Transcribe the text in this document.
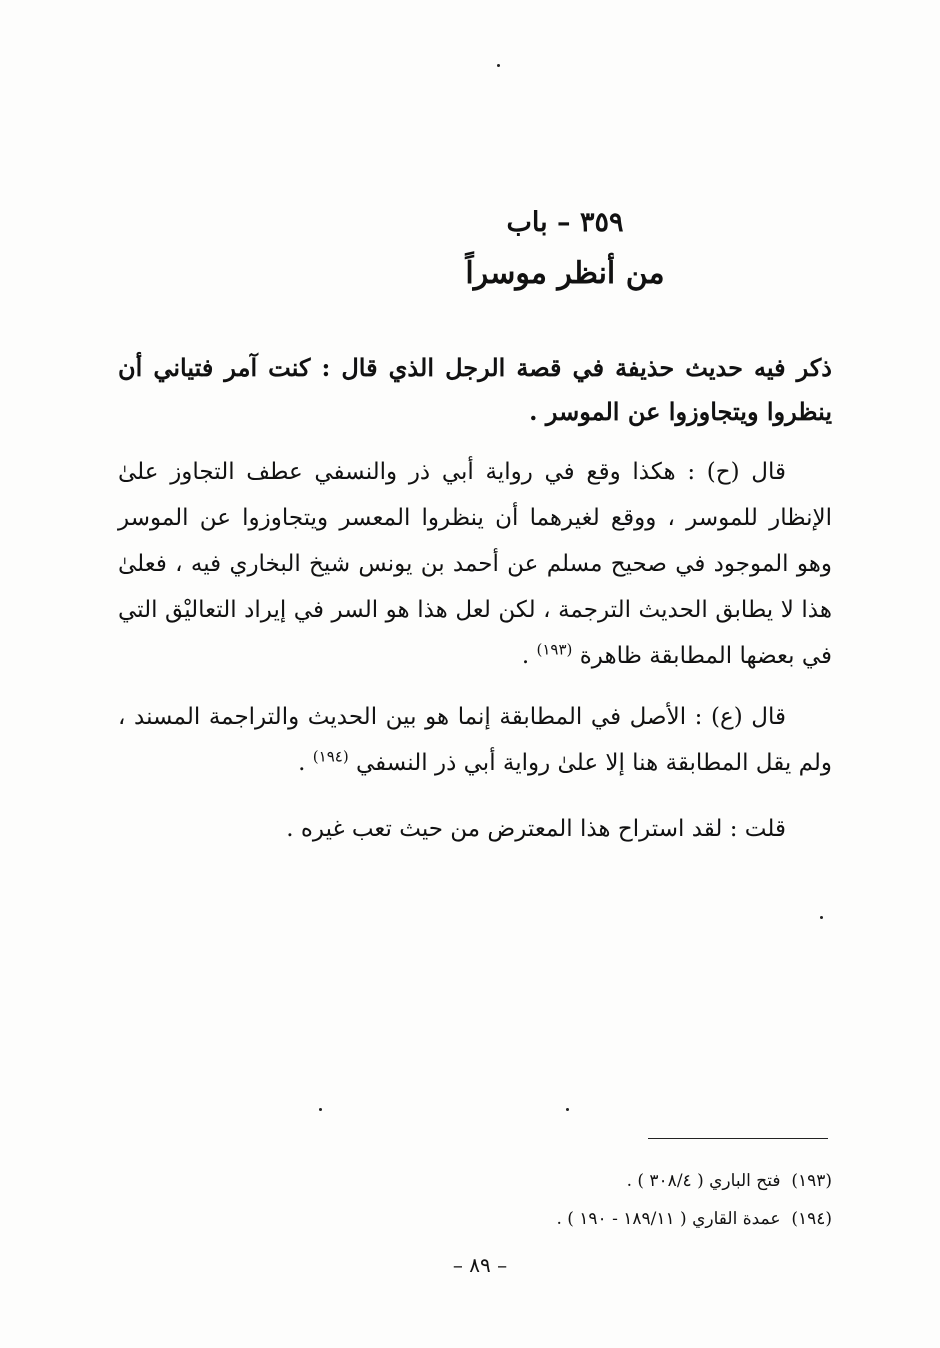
٣٥٩ – باب
من أنظر موسراً
ذكر فيه حديث حذيفة في قصة الرجل الذي قال : كنت آمر فتياني أن ينظروا ويتجاوزوا عن الموسر .
قال (ح) : هكذا وقع في رواية أبي ذر والنسفي عطف التجاوز علىٰ الإنظار للموسر ، ووقع لغيرهما أن ينظروا المعسر ويتجاوزوا عن الموسر وهو الموجود في صحيح مسلم عن أحمد بن يونس شيخ البخاري فيه ، فعلىٰ هذا لا يطابق الحديث الترجمة ، لكن لعل هذا هو السر في إيراد التعاليْق التي في بعضها المطابقة ظاهرة $^{(١٩٣)}$ .
قال (ع) : الأصل في المطابقة إنما هو بين الحديث والتراجمة المسند ، ولم يقل المطابقة هنا إلا علىٰ رواية أبي ذر النسفي $^{(١٩٤)}$ .
قلت : لقد استراح هذا المعترض من حيث تعب غيره .
(١٩٣)  فتح الباري ( ٣٠٨/٤ ) .
(١٩٤)  عمدة القاري ( ١٨٩/١١ - ١٩٠ ) .
– ٨٩ –
